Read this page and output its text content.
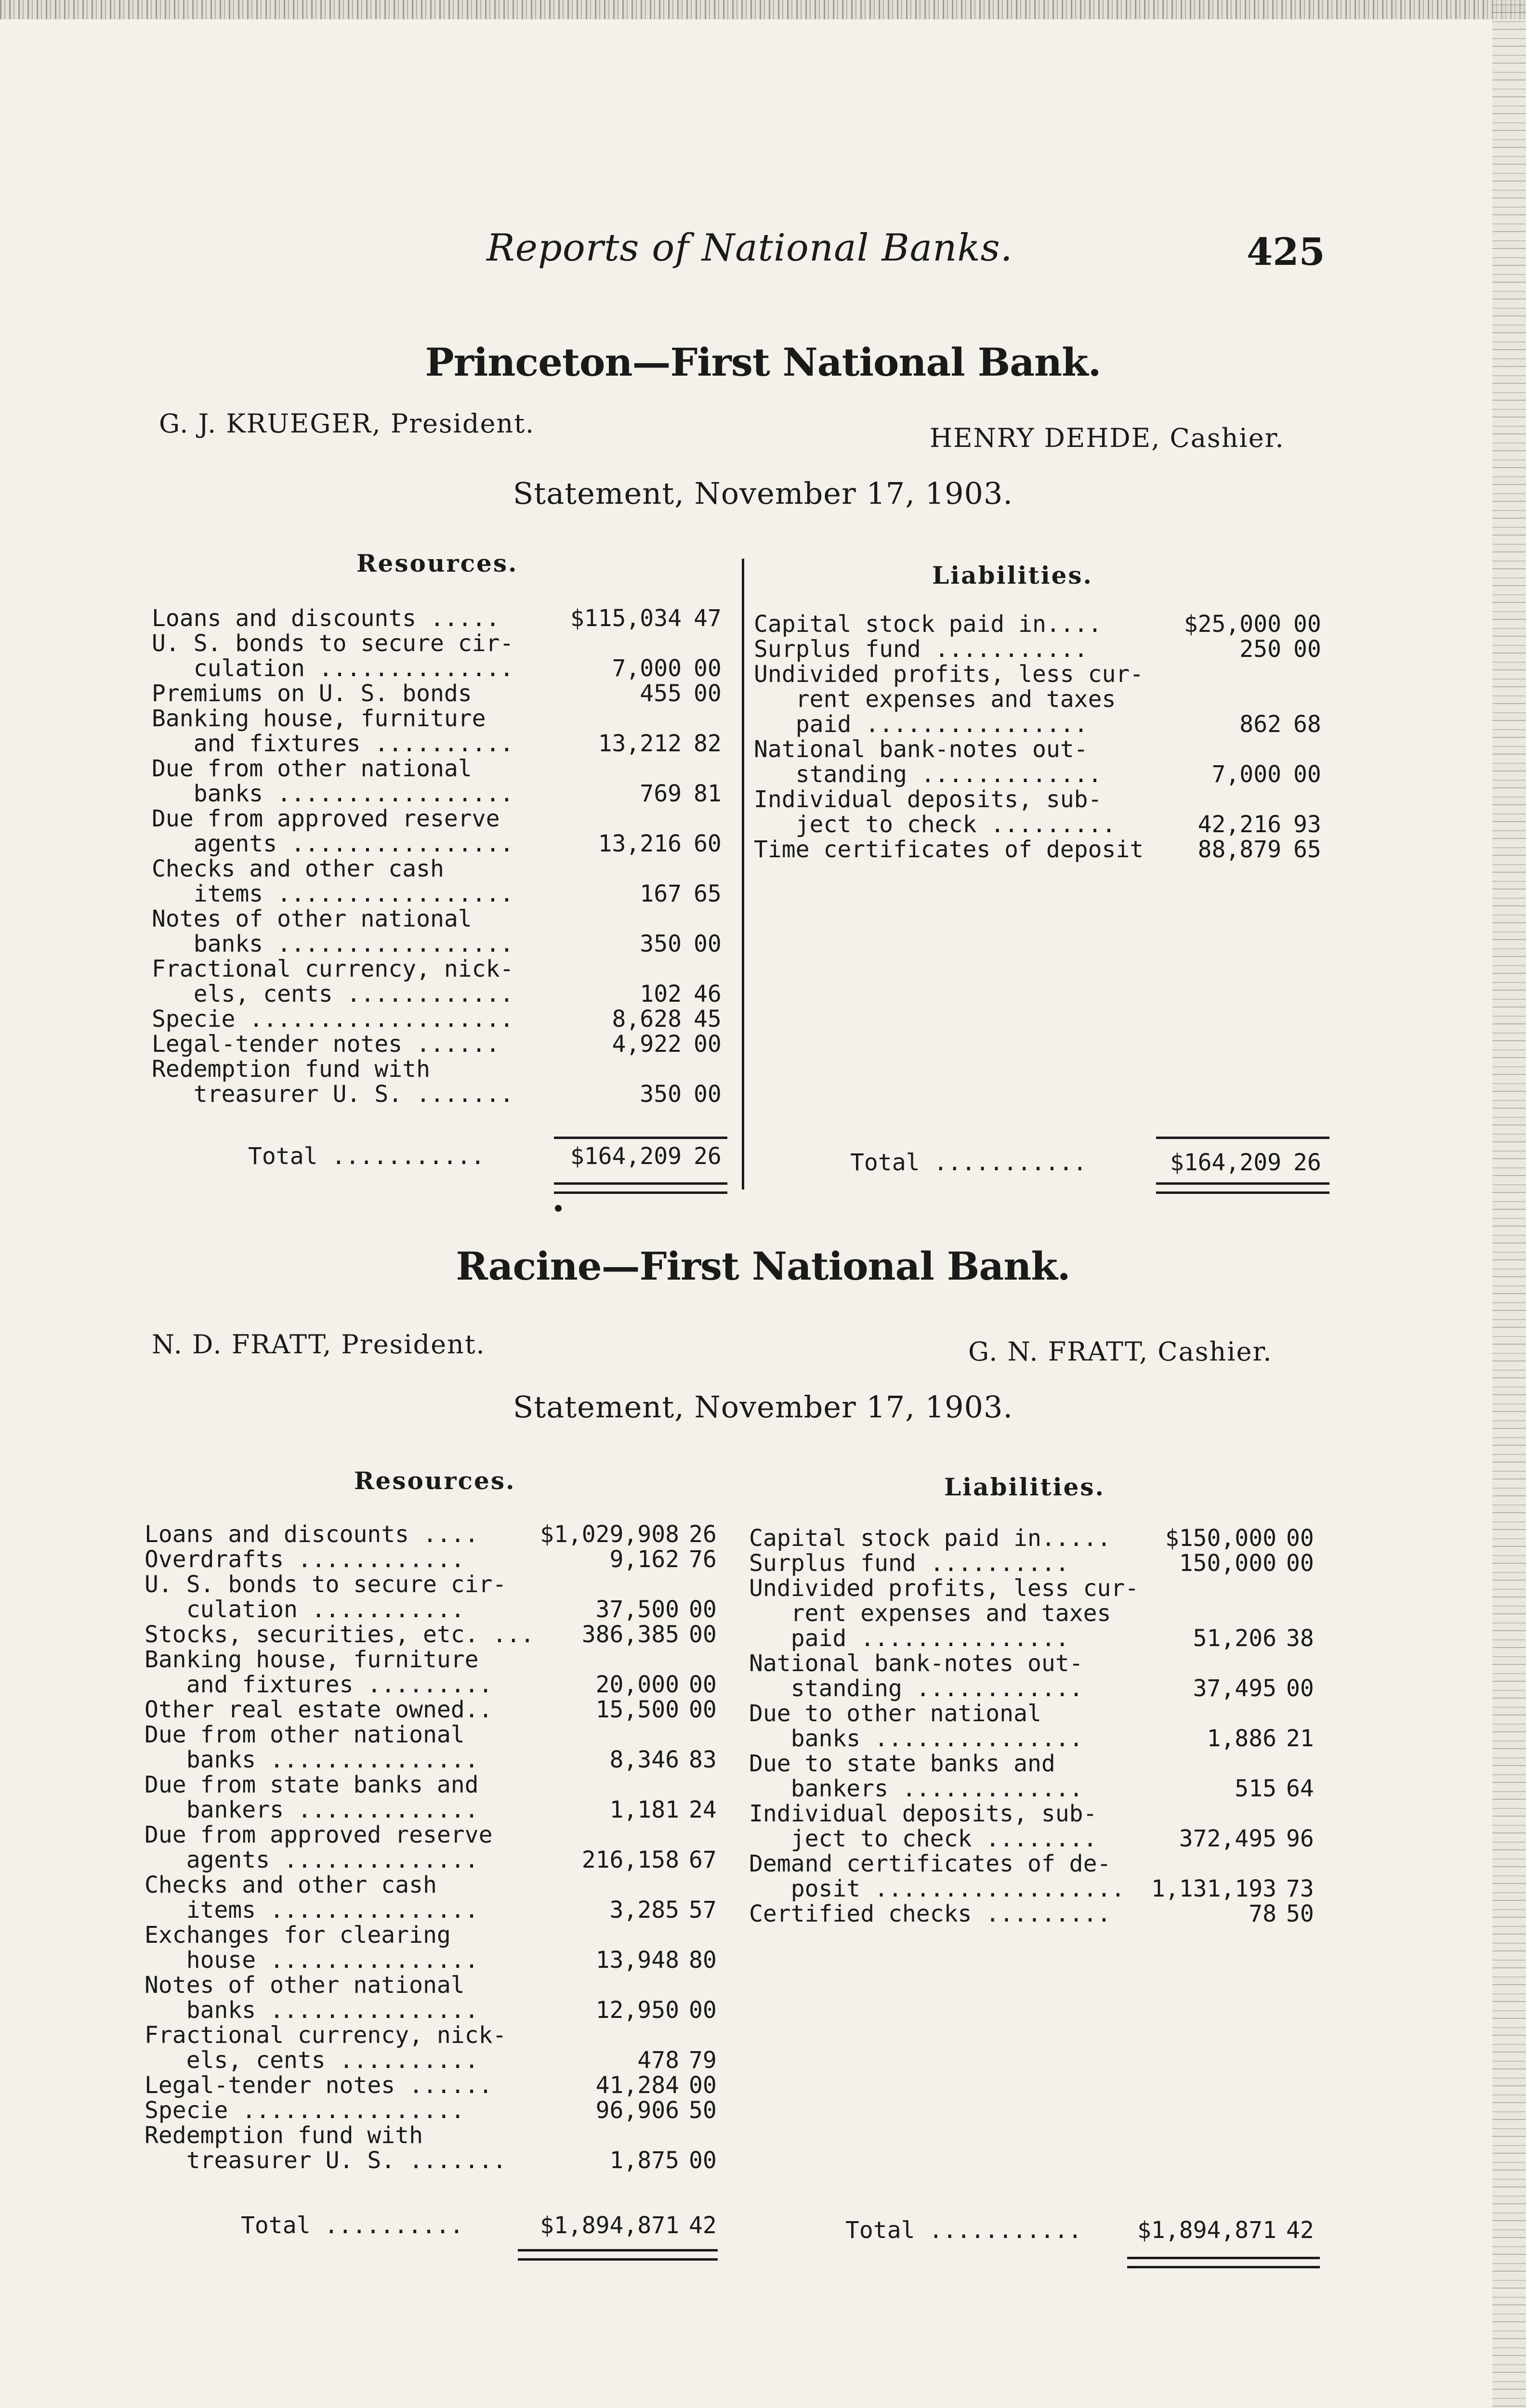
Reports of National Banks.	425
Princeton—First National Bank.
G. J. KRUEGER, President.	HENRY DEHDE, Cashier.
Statement, November 17, 1903.
Resources.	Liabilities.
Loans and discounts .....	$115,034 47
U. S. bonds to secure cir-
culation ..............	7,000 00
Premiums on U. S. bonds	455 00
Banking house, furniture
and fixtures ..........	13,212 82
Due from other national
banks .................	769 81
Due from approved reserve
agents ................	13,216 60
Checks and other cash
items .................	167 65
Notes of other national
banks .................	350 00
Fractional currency, nick-
els, cents ............	102 46
Specie ...................	8,628 45
Legal-tender notes ......	4,922 00
Redemption fund with
treasurer U. S. .......	350 00
Capital stock paid in....	$25,000 00
Surplus fund ...........	250 00
Undivided profits, less cur-
rent expenses and taxes
paid ................	862 68
National bank-notes out-
standing .............	7,000 00
Individual deposits, sub-
ject to check .........	42,216 93
Time certificates of deposit	88,879 65
Total ...........	$164,209 26	Total ...........	$164,209 26
Racine—First National Bank.
N. D. FRATT, President.	G. N. FRATT, Cashier.
Statement, November 17, 1903.
Resources.	Liabilities.
Loans and discounts ....	$1,029,908 26
Overdrafts ............	9,162 76
U. S. bonds to secure cir-
culation ...........	37,500 00
Stocks, securities, etc. ...	386,385 00
Banking house, furniture
and fixtures .........	20,000 00
Other real estate owned..	15,500 00
Due from other national
banks ...............	8,346 83
Due from state banks and
bankers .............	1,181 24
Due from approved reserve
agents ..............	216,158 67
Checks and other cash
items ...............	3,285 57
Exchanges for clearing
house ...............	13,948 80
Notes of other national
banks ...............	12,950 00
Fractional currency, nick-
els, cents ..........	478 79
Legal-tender notes ......	41,284 00
Specie ................	96,906 50
Redemption fund with
treasurer U. S. .......	1,875 00
Capital stock paid in.....	$150,000 00
Surplus fund ..........	150,000 00
Undivided profits, less cur-
rent expenses and taxes
paid ...............	51,206 38
National bank-notes out-
standing ............	37,495 00
Due to other national
banks ...............	1,886 21
Due to state banks and
bankers .............	515 64
Individual deposits, sub-
ject to check ........	372,495 96
Demand certificates of de-
posit ..................	1,131,193 73
Certified checks .........	78 50
Total ..........	$1,894,871 42	Total ...........	$1,894,871 42
